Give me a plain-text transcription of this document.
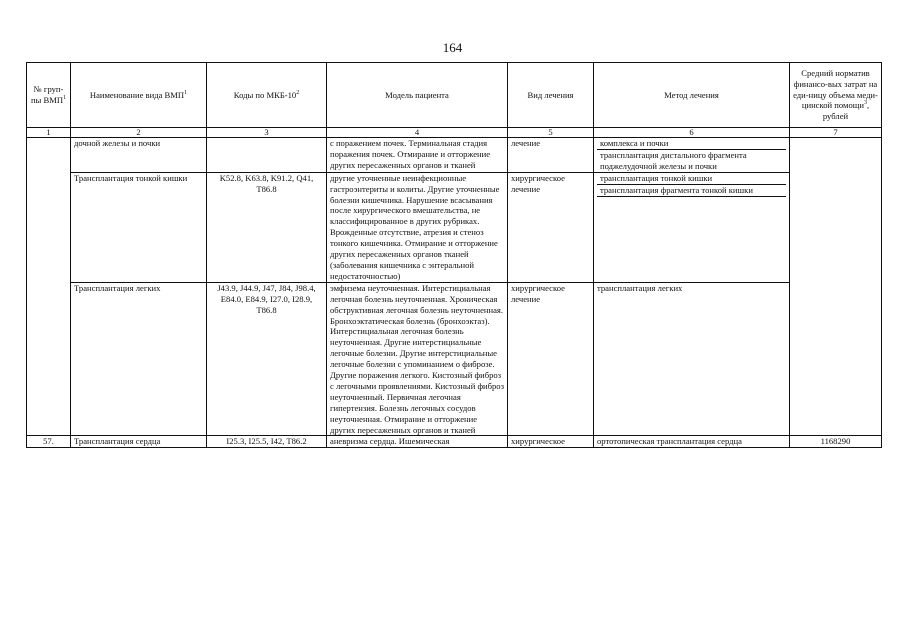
164
№ груп-пы ВМП$^1$	Наименование вида ВМП$^1$	Коды по МКБ-$10^2$	Модель пациента	Вид лечения	Метод лечения	Средний норматив финансо-вых затрат на еди-ницу объема меди-цинской помощи$^3$, рублей
1	2	3	4	5	6	7
	дочной железы и почки		с поражением почек. Терминальная стадия поражения почек. Отмирание и отторжение других пересаженных органов и тканей	лечение	комплекса и почки
трансплантация дистального фрагмента поджелудочной железы и почки	

	Трансплантация тонкой кишки	K52.8, K63.8, K91.2, Q41, T86.8	другие уточненные неинфекционные гастроэнтериты и колиты. Другие уточненные болезни кишечника. Нарушение всасывания после хирургического вмешательства, не классифицированное в других рубриках. Врожденные отсутствие, атрезия и стеноз тонкого кишечника. Отмирание и отторжение других пересаженных органов тканей (заболевания кишечника с энтеральной недостаточностью)	хирургическое лечение	трансплантация тонкой кишки
трансплантация фрагмента тонкой кишки	

	Трансплантация легких	J43.9, J44.9, J47, J84, J98.4, E84.0, E84.9, I27.0, I28.9, T86.8	эмфизема неуточненная. Интерстициальная легочная болезнь неуточненная. Хроническая обструктивная легочная болезнь неуточненная. Бронхоэктатическая болезнь (бронхоэктаз). Интерстициальная легочная болезнь неуточненная. Другие интерстициальные легочные болезни. Другие интерстициальные легочные болезни с упоминанием о фиброзе. Другие поражения легкого. Кистозный фиброз с легочными проявлениями. Кистозный фиброз неуточненный. Первичная легочная гипертензия. Болезнь легочных сосудов неуточненная. Отмирание и отторжение других пересаженных органов и тканей	хирургическое лечение	трансплантация легких	
57.	Трансплантация сердца	I25.3, I25.5, I42, T86.2	аневризма сердца. Ишемическая	хирургическое	ортотопическая трансплантация сердца	1168290
